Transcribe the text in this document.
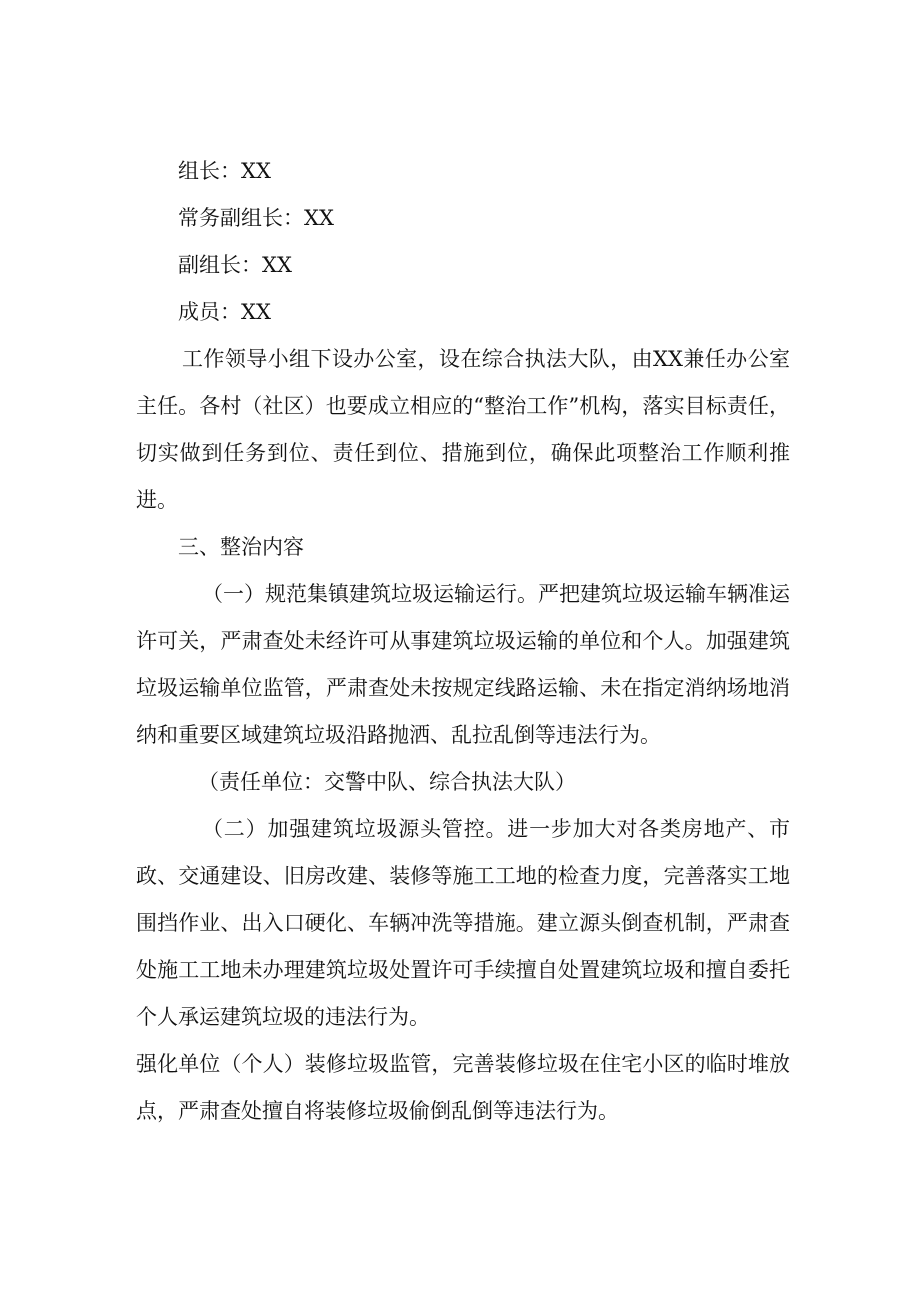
组长：XX

常务副组长：XX

副组长：XX

成员：XX

工作领导小组下设办公室，设在综合执法大队，由XX兼任办公室主任。各村（社区）也要成立相应的“整治工作”机构，落实目标责任，切实做到任务到位、责任到位、措施到位，确保此项整治工作顺利推进。

三、整治内容

（一）规范集镇建筑垃圾运输运行。严把建筑垃圾运输车辆准运许可关，严肃查处未经许可从事建筑垃圾运输的单位和个人。加强建筑垃圾运输单位监管，严肃查处未按规定线路运输、未在指定消纳场地消纳和重要区域建筑垃圾沿路抛洒、乱拉乱倒等违法行为。

（责任单位：交警中队、综合执法大队）

（二）加强建筑垃圾源头管控。进一步加大对各类房地产、市政、交通建设、旧房改建、装修等施工工地的检查力度，完善落实工地围挡作业、出入口硬化、车辆冲洗等措施。建立源头倒查机制，严肃查处施工工地未办理建筑垃圾处置许可手续擅自处置建筑垃圾和擅自委托个人承运建筑垃圾的违法行为。

强化单位（个人）装修垃圾监管，完善装修垃圾在住宅小区的临时堆放点，严肃查处擅自将装修垃圾偷倒乱倒等违法行为。
